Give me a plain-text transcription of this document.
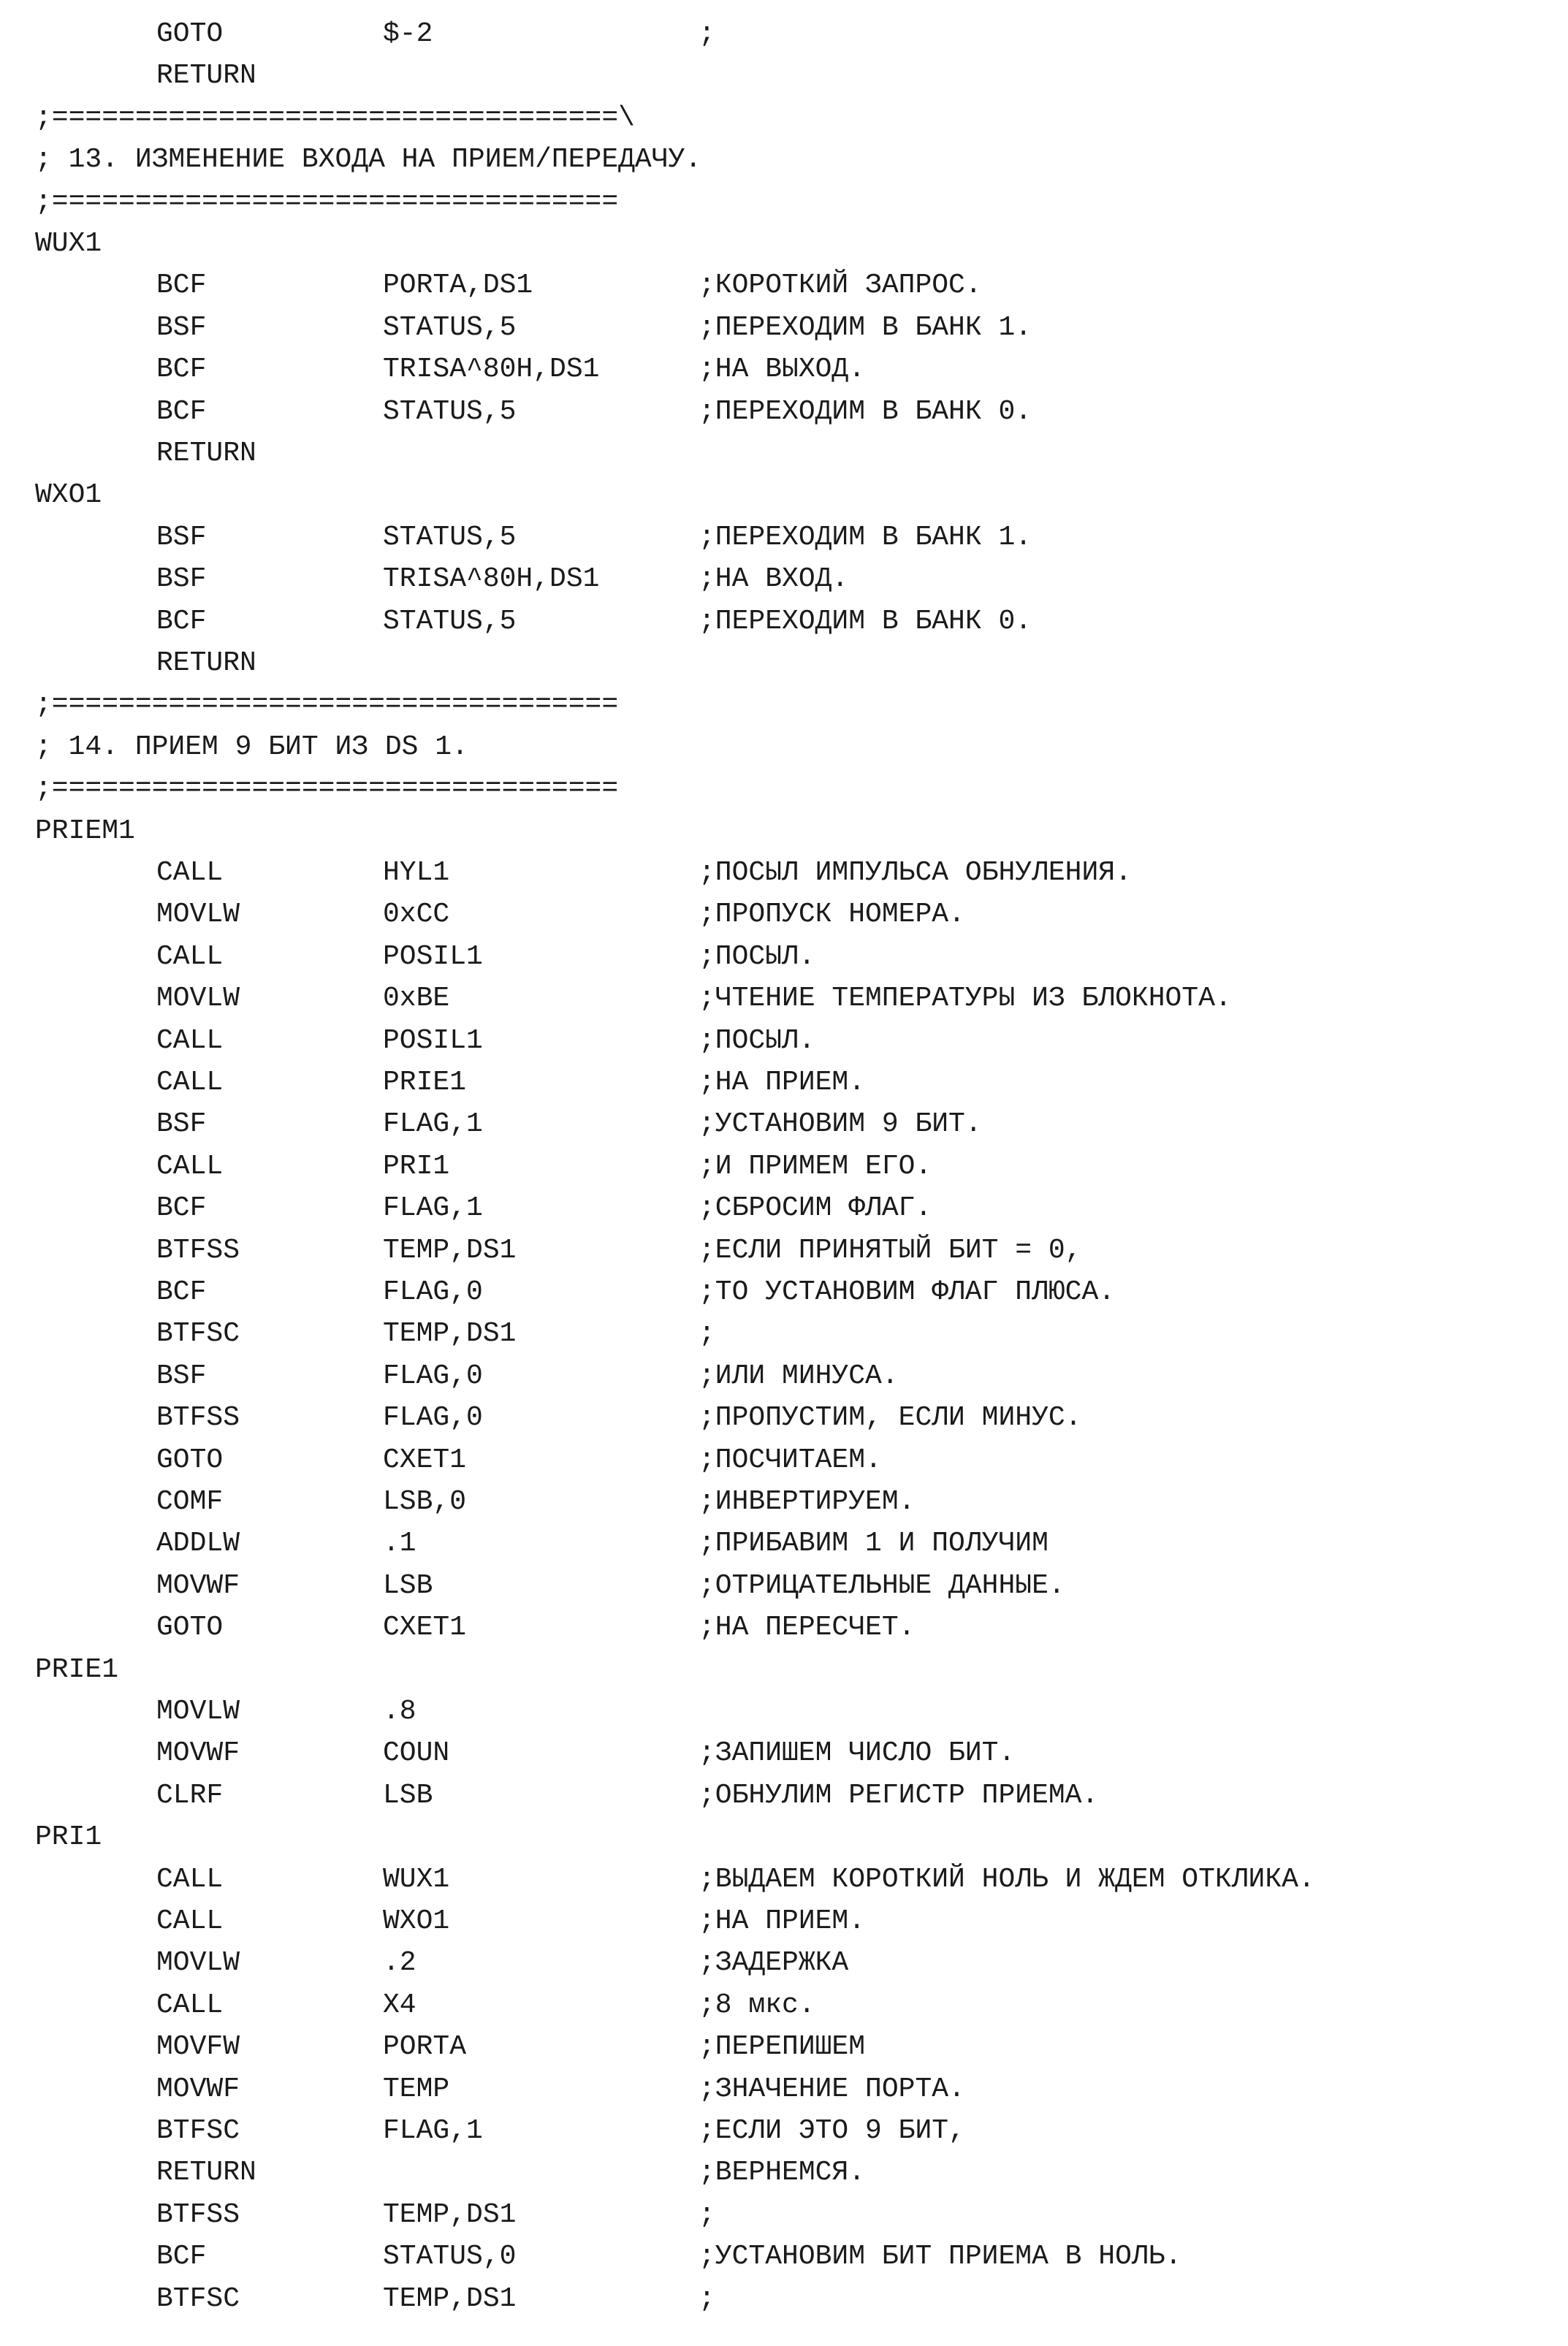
GOTO	$-2	;
RETURN
;==================================\
; 13. ИЗМЕНЕНИЕ ВХОДА НА ПРИЕМ/ПЕРЕДАЧУ.
;==================================
WUX1
BCF	PORTA,DS1	;КОРОТКИЙ ЗАПРОС.
BSF	STATUS,5	;ПЕРЕХОДИМ В БАНК 1.
BCF	TRISA^80H,DS1	;НА ВЫХОД.
BCF	STATUS,5	;ПЕРЕХОДИМ В БАНК 0.
RETURN
WXO1
BSF	STATUS,5	;ПЕРЕХОДИМ В БАНК 1.
BSF	TRISA^80H,DS1	;НА ВХОД.
BCF	STATUS,5	;ПЕРЕХОДИМ В БАНК 0.
RETURN
;==================================
; 14. ПРИЕМ 9 БИТ ИЗ DS 1.
;==================================
PRIEM1
CALL	HYL1	;ПОСЫЛ ИМПУЛЬСА ОБНУЛЕНИЯ.
MOVLW	0xCC	;ПРОПУСК НОМЕРА.
CALL	POSIL1	;ПОСЫЛ.
MOVLW	0xBE	;ЧТЕНИЕ ТЕМПЕРАТУРЫ ИЗ БЛОКНОТА.
CALL	POSIL1	;ПОСЫЛ.
CALL	PRIE1	;НА ПРИЕМ.
BSF	FLAG,1	;УСТАНОВИМ 9 БИТ.
CALL	PRI1	;И ПРИМЕМ ЕГО.
BCF	FLAG,1	;СБРОСИМ ФЛАГ.
BTFSS	TEMP,DS1	;ЕСЛИ ПРИНЯТЫЙ БИТ = 0,
BCF	FLAG,0	;ТО УСТАНОВИМ ФЛАГ ПЛЮСА.
BTFSC	TEMP,DS1	;
BSF	FLAG,0	;ИЛИ МИНУСА.
BTFSS	FLAG,0	;ПРОПУСТИМ, ЕСЛИ МИНУС.
GOTO	CXET1	;ПОСЧИТАЕМ.
COMF	LSB,0	;ИНВЕРТИРУЕМ.
ADDLW	.1	;ПРИБАВИМ 1 И ПОЛУЧИМ
MOVWF	LSB	;ОТРИЦАТЕЛЬНЫЕ ДАННЫЕ.
GOTO	CXET1	;НА ПЕРЕСЧЕТ.
PRIE1
MOVLW	.8
MOVWF	COUN	;ЗАПИШЕМ ЧИСЛО БИТ.
CLRF	LSB	;ОБНУЛИМ РЕГИСТР ПРИЕМА.
PRI1
CALL	WUX1	;ВЫДАЕМ КОРОТКИЙ НОЛЬ И ЖДЕМ ОТКЛИКА.
CALL	WXO1	;НА ПРИЕМ.
MOVLW	.2	;ЗАДЕРЖКА
CALL	X4	;8 мкс.
MOVFW	PORTA	;ПЕРЕПИШЕМ
MOVWF	TEMP	;ЗНАЧЕНИЕ ПОРТА.
BTFSC	FLAG,1	;ЕСЛИ ЭТО 9 БИТ,
RETURN	;ВЕРНЕМСЯ.
BTFSS	TEMP,DS1	;
BCF	STATUS,0	;УСТАНОВИМ БИТ ПРИЕМА В НОЛЬ.
BTFSC	TEMP,DS1	;
